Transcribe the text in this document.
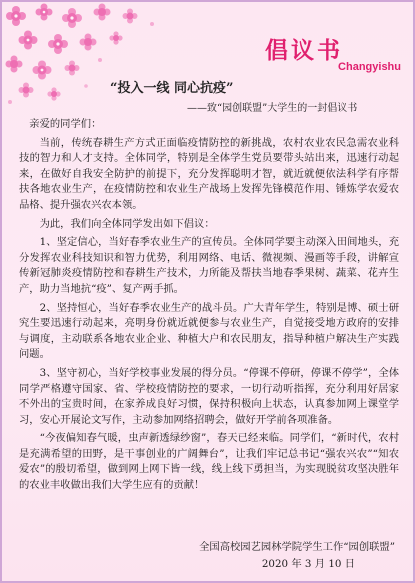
倡议书
Changyishu
“投入一线 同心抗疫”
——致“园创联盟”大学生的一封倡议书

亲爱的同学们：

当前，传统春耕生产方式正面临疫情防控的新挑战，农村农业农民急需农业科技的智力和人才支持。全体同学，特别是全体学生党员要带头站出来，迅速行动起来，在做好自我安全防护的前提下，充分发挥聪明才智，就近就便依法科学有序帮扶各地农业生产，在疫情防控和农业生产战场上发挥先锋模范作用、锤炼学农爱农品格、提升强农兴农本领。

为此，我们向全体同学发出如下倡议：

1、坚定信心，当好春季农业生产的宣传员。全体同学要主动深入田间地头，充分发挥农业科技知识和智力优势，利用网络、电话、微视频、漫画等手段，讲解宣传新冠肺炎疫情防控和春耕生产技术，力所能及帮扶当地春季果树、蔬菜、花卉生产，助力当地抗“疫”、复产两手抓。

2、坚持恒心，当好春季农业生产的战斗员。广大青年学生，特别是博、硕士研究生要迅速行动起来，亮明身份就近就便参与农业生产，自觉接受地方政府的安排与调度，主动联系各地农业企业、种植大户和农民朋友，指导种植户解决生产实践问题。

3、坚守初心，当好学校事业发展的得分员。“停课不停研，停课不停学”，全体同学严格遵守国家、省、学校疫情防控的要求，一切行动听指挥，充分利用好居家不外出的宝贵时间，在家养成良好习惯，保持积极向上状态，认真参加网上课堂学习，安心开展论文写作，主动参加网络招聘会，做好开学前各项准备。

“今夜偏知春气暖，虫声新透绿纱窗”，春天已经来临。同学们，“新时代，农村是充满希望的田野，是干事创业的广阔舞台”，让我们牢记总书记“强农兴农”“知农爱农”的殷切希望，做到网上网下皆一线，线上线下勇担当，为实现脱贫攻坚决胜年的农业丰收做出我们大学生应有的贡献！

全国高校园艺园林学院学生工作“园创联盟”
2020 年 3 月 10 日
